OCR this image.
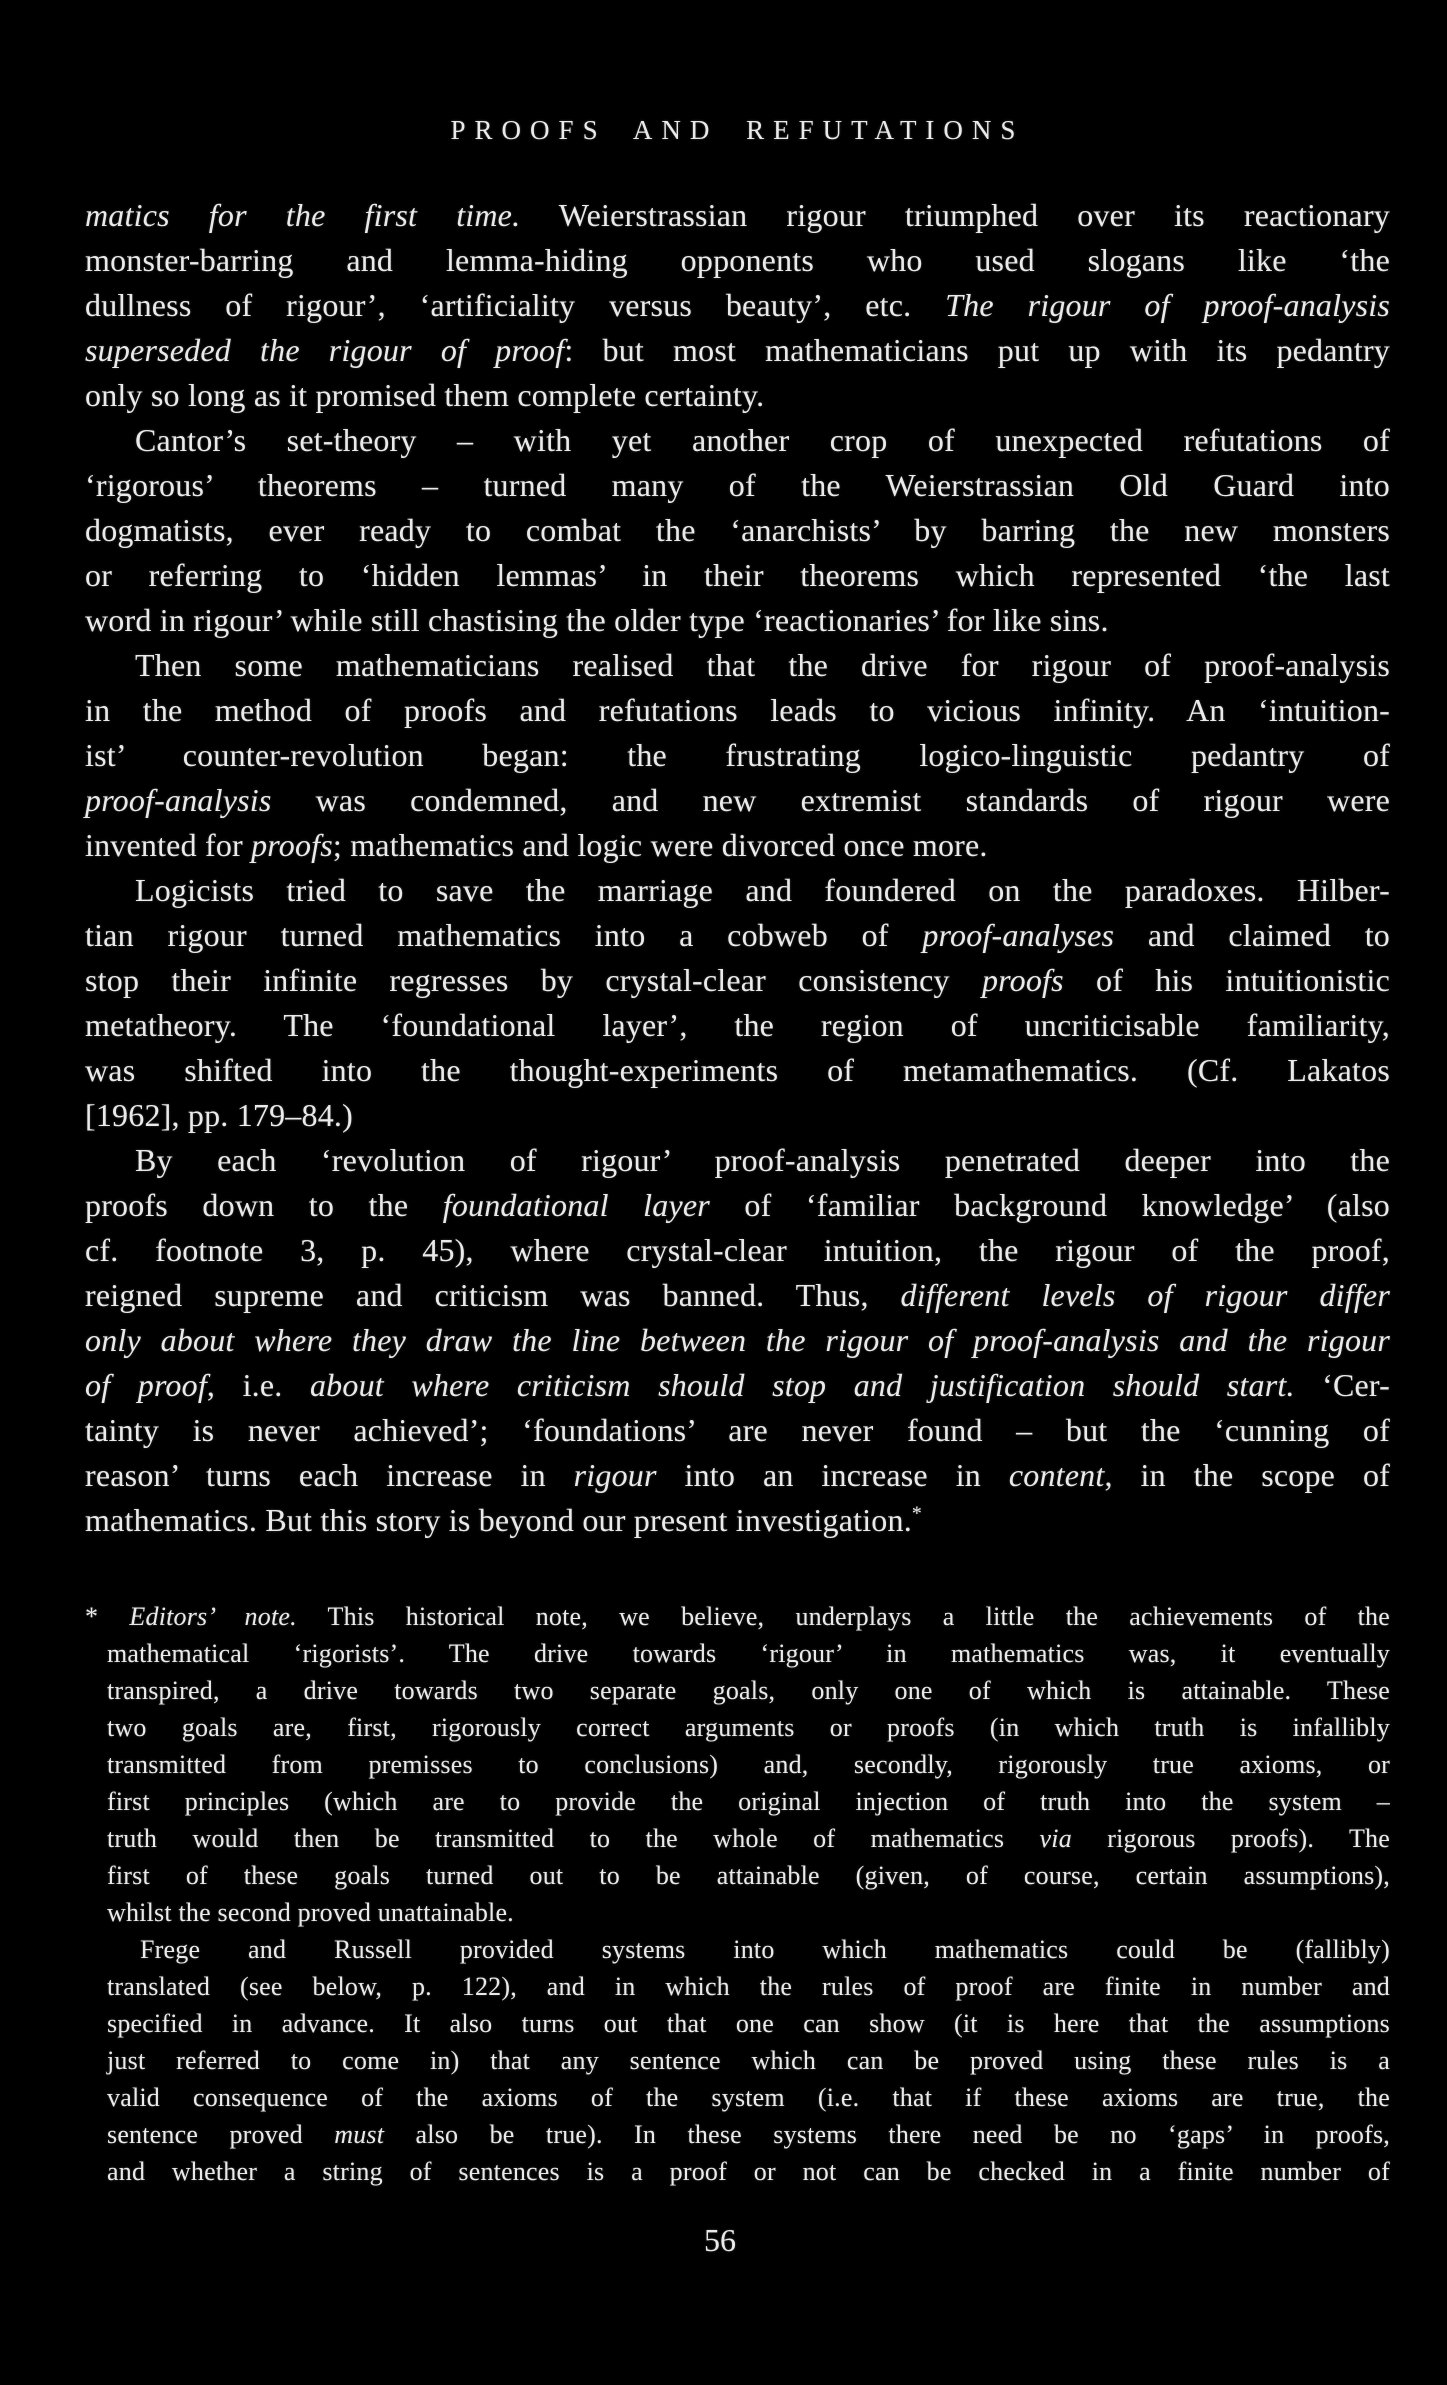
PROOFS AND REFUTATIONS
matics for the first time. Weierstrassian rigour triumphed over its reactionary
monster-barring and lemma-hiding opponents who used slogans like ‘the
dullness of rigour’, ‘artificiality versus beauty’, etc. The rigour of proof-analysis
superseded the rigour of proof: but most mathematicians put up with its pedantry
only so long as it promised them complete certainty.
Cantor’s set-theory – with yet another crop of unexpected refutations of
‘rigorous’ theorems – turned many of the Weierstrassian Old Guard into
dogmatists, ever ready to combat the ‘anarchists’ by barring the new monsters
or referring to ‘hidden lemmas’ in their theorems which represented ‘the last
word in rigour’ while still chastising the older type ‘reactionaries’ for like sins.
Then some mathematicians realised that the drive for rigour of proof-analysis
in the method of proofs and refutations leads to vicious infinity. An ‘intuition-
ist’ counter-revolution began: the frustrating logico-linguistic pedantry of
proof-analysis was condemned, and new extremist standards of rigour were
invented for proofs; mathematics and logic were divorced once more.
Logicists tried to save the marriage and foundered on the paradoxes. Hilber-
tian rigour turned mathematics into a cobweb of proof-analyses and claimed to
stop their infinite regresses by crystal-clear consistency proofs of his intuitionistic
metatheory. The ‘foundational layer’, the region of uncriticisable familiarity,
was shifted into the thought-experiments of metamathematics. (Cf. Lakatos
[1962], pp. 179–84.)
By each ‘revolution of rigour’ proof-analysis penetrated deeper into the
proofs down to the foundational layer of ‘familiar background knowledge’ (also
cf. footnote 3, p. 45), where crystal-clear intuition, the rigour of the proof,
reigned supreme and criticism was banned. Thus, different levels of rigour differ
only about where they draw the line between the rigour of proof-analysis and the rigour
of proof, i.e. about where criticism should stop and justification should start. ‘Cer-
tainty is never achieved’; ‘foundations’ are never found – but the ‘cunning of
reason’ turns each increase in rigour into an increase in content, in the scope of
mathematics. But this story is beyond our present investigation.*
* Editors’ note. This historical note, we believe, underplays a little the achievements of the
mathematical ‘rigorists’. The drive towards ‘rigour’ in mathematics was, it eventually
transpired, a drive towards two separate goals, only one of which is attainable. These
two goals are, first, rigorously correct arguments or proofs (in which truth is infallibly
transmitted from premisses to conclusions) and, secondly, rigorously true axioms, or
first principles (which are to provide the original injection of truth into the system –
truth would then be transmitted to the whole of mathematics via rigorous proofs). The
first of these goals turned out to be attainable (given, of course, certain assumptions),
whilst the second proved unattainable.
Frege and Russell provided systems into which mathematics could be (fallibly)
translated (see below, p. 122), and in which the rules of proof are finite in number and
specified in advance. It also turns out that one can show (it is here that the assumptions
just referred to come in) that any sentence which can be proved using these rules is a
valid consequence of the axioms of the system (i.e. that if these axioms are true, the
sentence proved must also be true). In these systems there need be no ‘gaps’ in proofs,
and whether a string of sentences is a proof or not can be checked in a finite number of
56
